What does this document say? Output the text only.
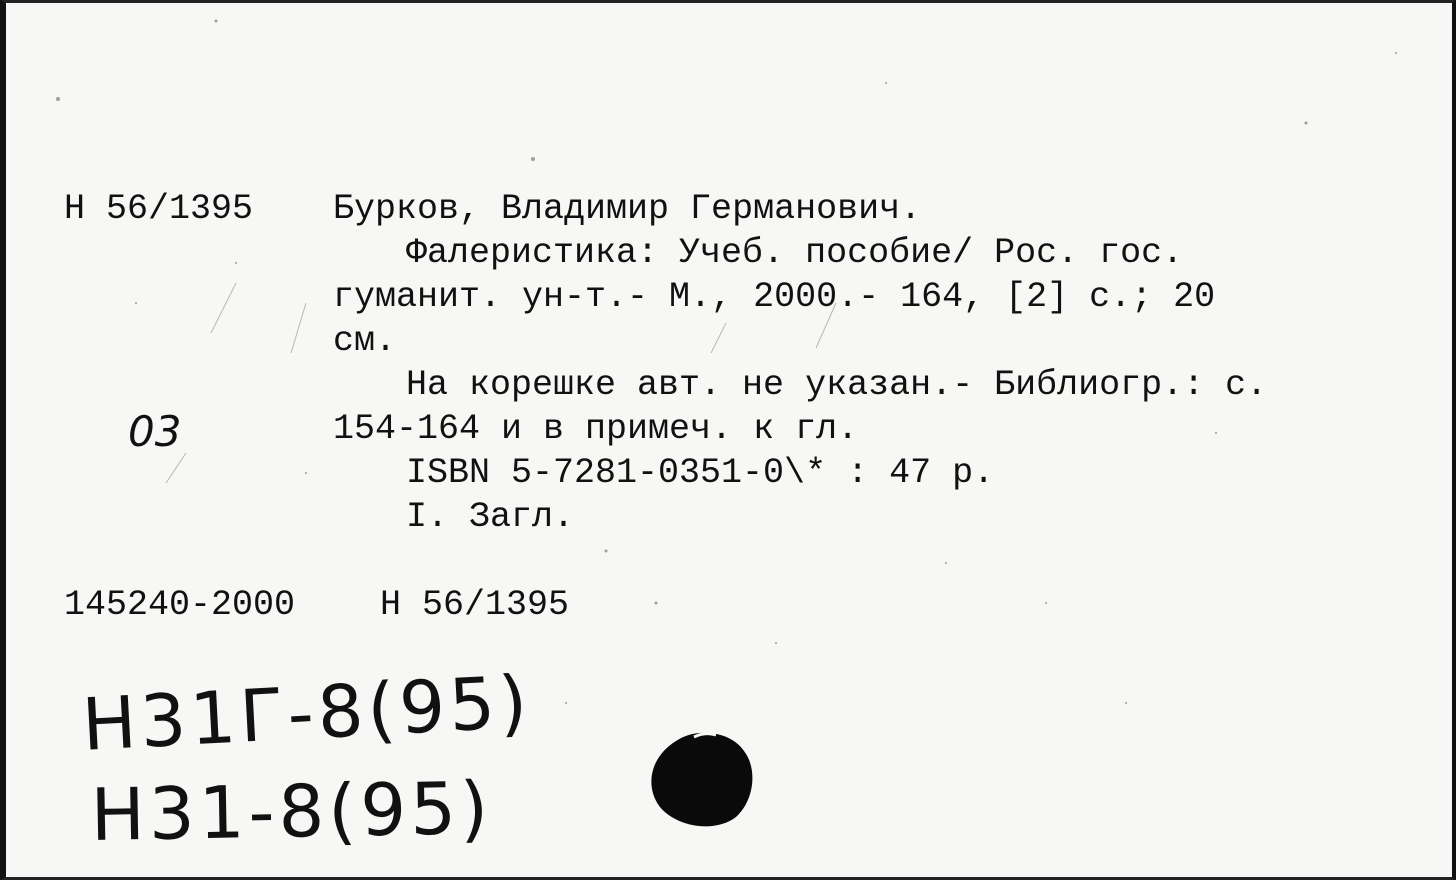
Н 56/1395 Бурков, Владимир Германович.
Фалеристика: Учеб. пособие/ Рос. гос.
гуманит. ун-т.- М., 2000.- 164, [2] с.; 20
см.
На корешке авт. не указан.- Библиогр.: с.
154-164 и в примеч. к гл.
ISBN 5-7281-0351-0\* : 47 р.
I. Загл.
145240-2000 Н 56/1395
03
Н31Г-8(95)
Н31-8(95)
